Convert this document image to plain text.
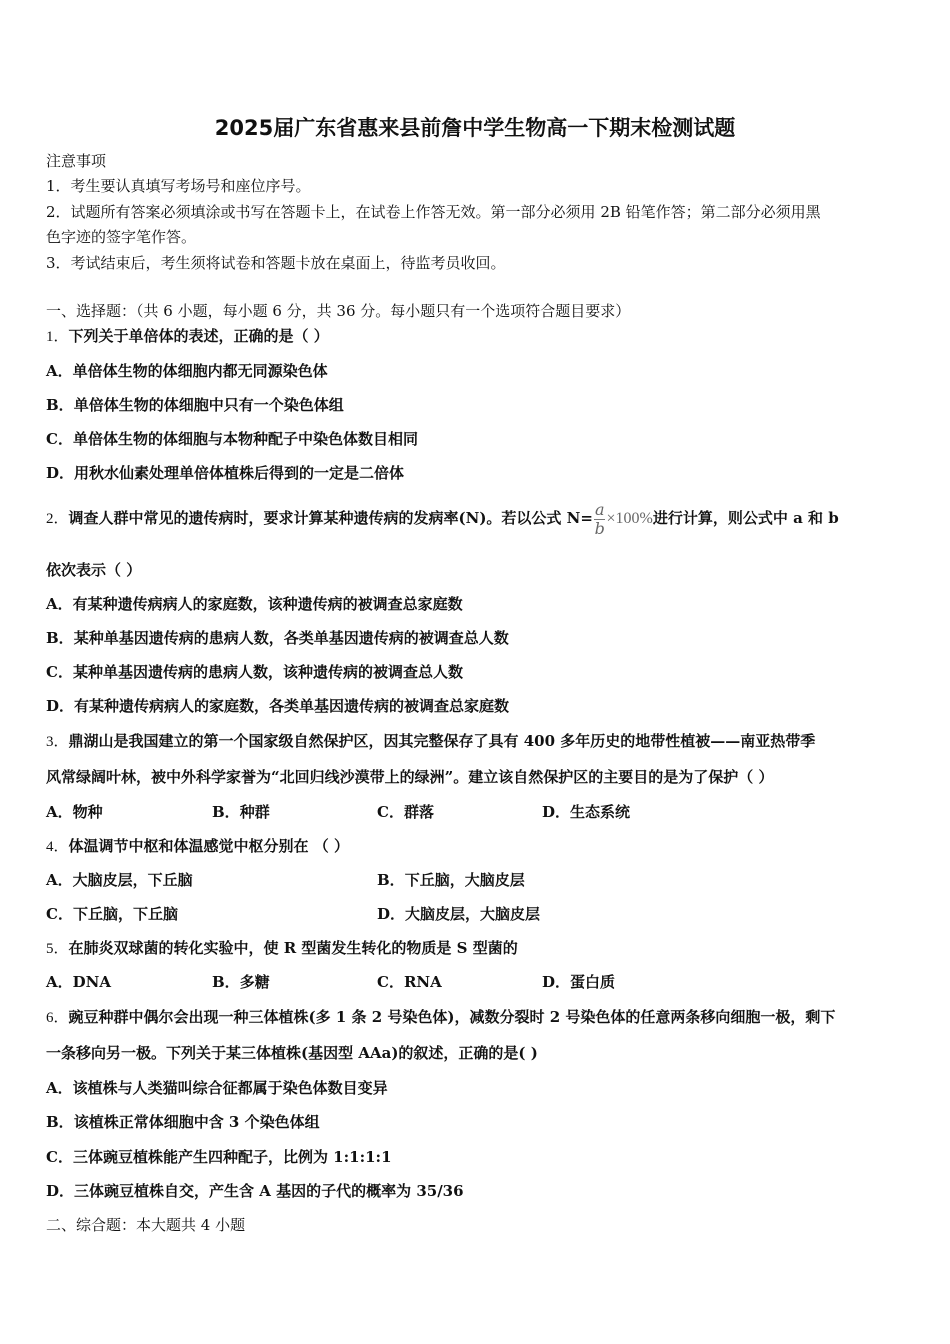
2025届广东省惠来县前詹中学生物高一下期末检测试题
注意事项
1．考生要认真填写考场号和座位序号。
2．试题所有答案必须填涂或书写在答题卡上，在试卷上作答无效。第一部分必须用 2B 铅笔作答；第二部分必须用黑
色字迹的签字笔作答。
3．考试结束后，考生须将试卷和答题卡放在桌面上，待监考员收回。
一、选择题：（共 6 小题，每小题 6 分，共 36 分。每小题只有一个选项符合题目要求）
1．下列关于单倍体的表述，正确的是（ ）
A．单倍体生物的体细胞内都无同源染色体
B．单倍体生物的体细胞中只有一个染色体组
C．单倍体生物的体细胞与本物种配子中染色体数目相同
D．用秋水仙素处理单倍体植株后得到的一定是二倍体
2．调查人群中常见的遗传病时，要求计算某种遗传病的发病率(N)。若以公式 $N= \frac{a}{b} \times 100\%$进行计算，则公式中 a 和 b
依次表示（ ）
A．有某种遗传病病人的家庭数，该种遗传病的被调查总家庭数
B．某种单基因遗传病的患病人数，各类单基因遗传病的被调查总人数
C．某种单基因遗传病的患病人数，该种遗传病的被调查总人数
D．有某种遗传病病人的家庭数，各类单基因遗传病的被调查总家庭数
3．鼎湖山是我国建立的第一个国家级自然保护区，因其完整保存了具有 400 多年历史的地带性植被——南亚热带季
风常绿阔叶林，被中外科学家誉为“北回归线沙漠带上的绿洲”。建立该自然保护区的主要目的是为了保护（ ）
A．物种	B．种群	C．群落	D．生态系统
4．体温调节中枢和体温感觉中枢分别在 （ ）
A．大脑皮层，下丘脑	B．下丘脑，大脑皮层
C．下丘脑，下丘脑	D．大脑皮层，大脑皮层
5．在肺炎双球菌的转化实验中，使 R 型菌发生转化的物质是 S 型菌的
A．DNA	B．多糖	C．RNA	D．蛋白质
6．豌豆种群中偶尔会出现一种三体植株(多 1 条 2 号染色体)，减数分裂时 2 号染色体的任意两条移向细胞一极，剩下
一条移向另一极。下列关于某三体植株(基因型 AAa)的叙述，正确的是( )
A．该植株与人类猫叫综合征都属于染色体数目变异
B．该植株正常体细胞中含 3 个染色体组
C．三体豌豆植株能产生四种配子，比例为 1:1:1:1
D．三体豌豆植株自交，产生含 A 基因的子代的概率为 35/36
二、综合题：本大题共 4 小题
